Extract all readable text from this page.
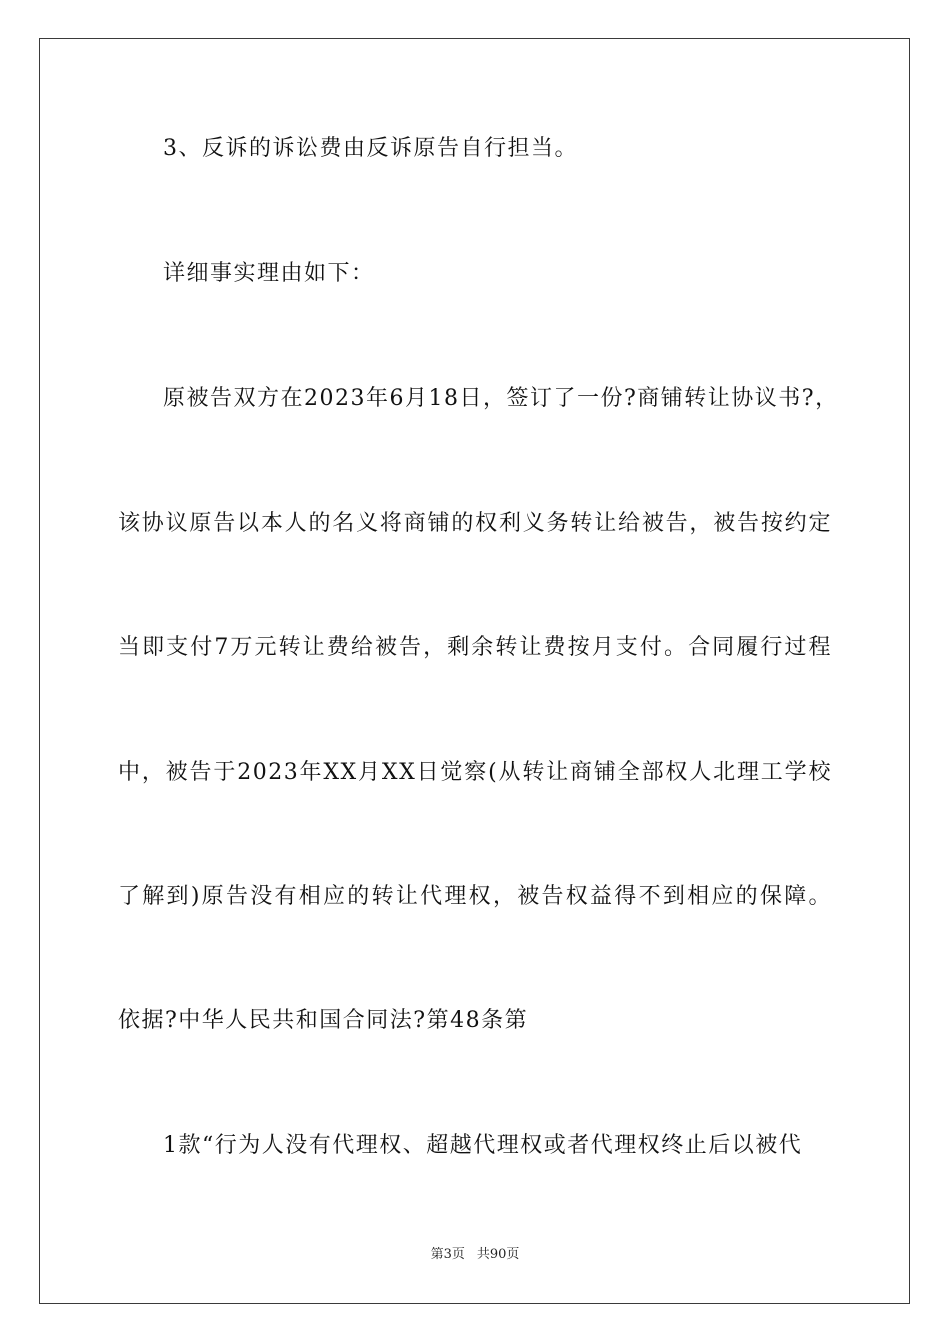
3、反诉的诉讼费由反诉原告自行担当。
详细事实理由如下：
原被告双方在2023年6月18日，签订了一份?商铺转让协议书?，
该协议原告以本人的名义将商铺的权利义务转让给被告，被告按约定
当即支付7万元转让费给被告，剩余转让费按月支付。合同履行过程
中，被告于2023年XX月XX日觉察(从转让商铺全部权人北理工学校
了解到)原告没有相应的转让代理权，被告权益得不到相应的保障。
依据?中华人民共和国合同法?第48条第
1款“行为人没有代理权、超越代理权或者代理权终止后以被代
第3页 共90页
